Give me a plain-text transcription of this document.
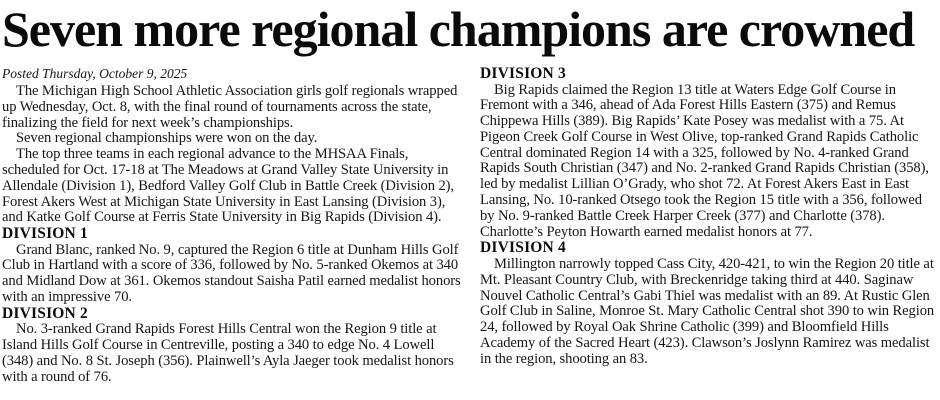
Seven more regional champions are crowned

Posted Thursday, October 9, 2025

The Michigan High School Athletic Association girls golf regionals wrapped up Wednesday, Oct. 8, with the final round of tournaments across the state, finalizing the field for next week’s championships.

Seven regional championships were won on the day.

The top three teams in each regional advance to the MHSAA Finals, scheduled for Oct. 17-18 at The Meadows at Grand Valley State University in Allendale (Division 1), Bedford Valley Golf Club in Battle Creek (Division 2), Forest Akers West at Michigan State University in East Lansing (Division 3), and Katke Golf Course at Ferris State University in Big Rapids (Division 4).

DIVISION 1

Grand Blanc, ranked No. 9, captured the Region 6 title at Dunham Hills Golf Club in Hartland with a score of 336, followed by No. 5-ranked Okemos at 340 and Midland Dow at 361. Okemos standout Saisha Patil earned medalist honors with an impressive 70.

DIVISION 2

No. 3-ranked Grand Rapids Forest Hills Central won the Region 9 title at Island Hills Golf Course in Centreville, posting a 340 to edge No. 4 Lowell (348) and No. 8 St. Joseph (356). Plainwell’s Ayla Jaeger took medalist honors with a round of 76.

DIVISION 3

Big Rapids claimed the Region 13 title at Waters Edge Golf Course in Fremont with a 346, ahead of Ada Forest Hills Eastern (375) and Remus Chippewa Hills (389). Big Rapids’ Kate Posey was medalist with a 75. At Pigeon Creek Golf Course in West Olive, top-ranked Grand Rapids Catholic Central dominated Region 14 with a 325, followed by No. 4-ranked Grand Rapids South Christian (347) and No. 2-ranked Grand Rapids Christian (358), led by medalist Lillian O’Grady, who shot 72. At Forest Akers East in East Lansing, No. 10-ranked Otsego took the Region 15 title with a 356, followed by No. 9-ranked Battle Creek Harper Creek (377) and Charlotte (378). Charlotte’s Peyton Howarth earned medalist honors at 77.

DIVISION 4

Millington narrowly topped Cass City, 420-421, to win the Region 20 title at Mt. Pleasant Country Club, with Breckenridge taking third at 440. Saginaw Nouvel Catholic Central’s Gabi Thiel was medalist with an 89. At Rustic Glen Golf Club in Saline, Monroe St. Mary Catholic Central shot 390 to win Region 24, followed by Royal Oak Shrine Catholic (399) and Bloomfield Hills Academy of the Sacred Heart (423). Clawson’s Joslynn Ramirez was medalist in the region, shooting an 83.
